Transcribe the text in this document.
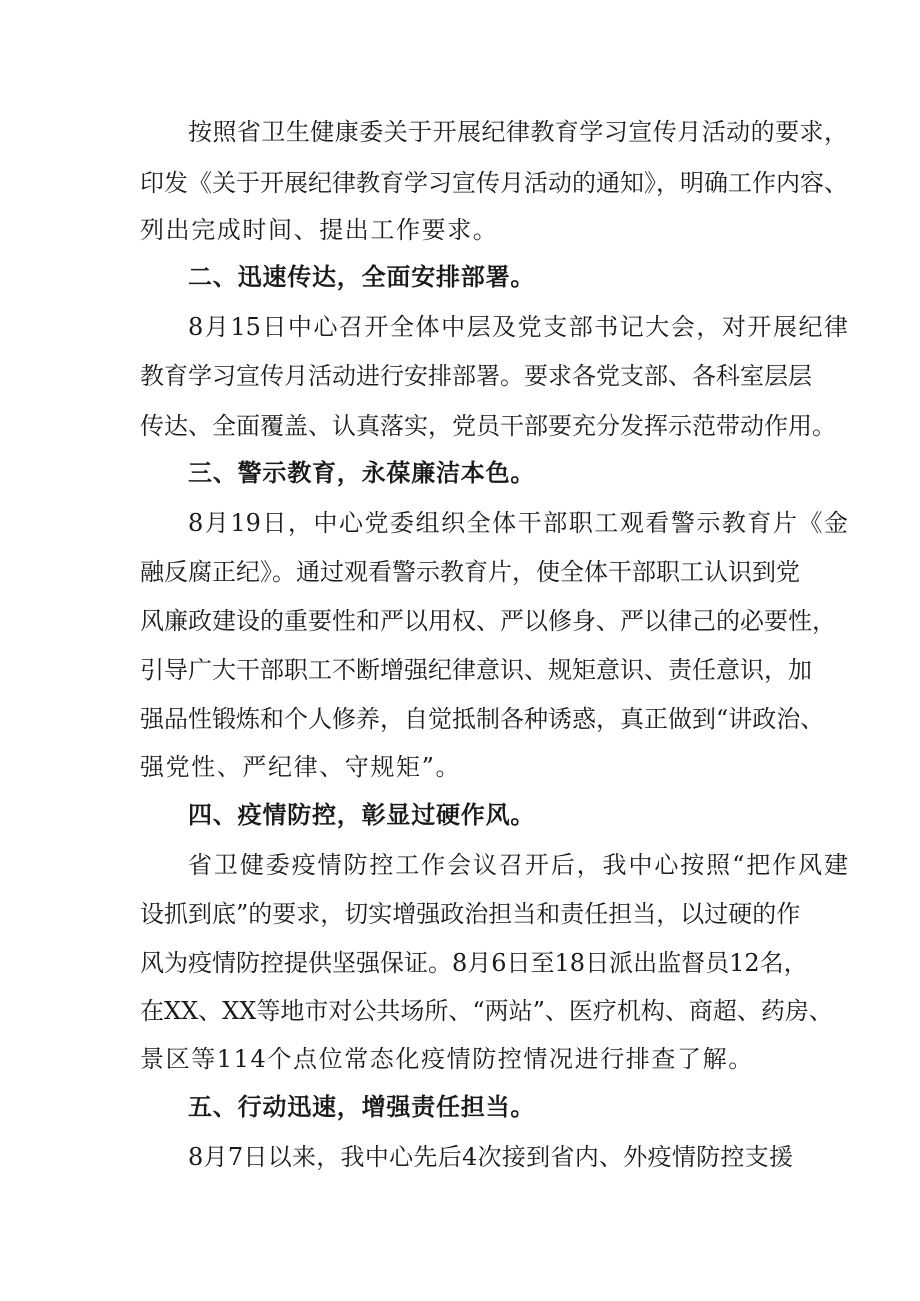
按照省卫生健康委关于开展纪律教育学习宣传月活动的要求，
印发《关于开展纪律教育学习宣传月活动的通知》，明确工作内容、
列出完成时间、提出工作要求。
二、迅速传达，全面安排部署。
8月15日中心召开全体中层及党支部书记大会，对开展纪律
教育学习宣传月活动进行安排部署。要求各党支部、各科室层层
传达、全面覆盖、认真落实，党员干部要充分发挥示范带动作用。
三、警示教育，永葆廉洁本色。
8月19日，中心党委组织全体干部职工观看警示教育片《金
融反腐正纪》。通过观看警示教育片，使全体干部职工认识到党
风廉政建设的重要性和严以用权、严以修身、严以律己的必要性，
引导广大干部职工不断增强纪律意识、规矩意识、责任意识，加
强品性锻炼和个人修养，自觉抵制各种诱惑，真正做到“讲政治、
强党性、严纪律、守规矩”。
四、疫情防控，彰显过硬作风。
省卫健委疫情防控工作会议召开后，我中心按照“把作风建
设抓到底”的要求，切实增强政治担当和责任担当，以过硬的作
风为疫情防控提供坚强保证。8月6日至18日派出监督员12名，
在XX、XX等地市对公共场所、“两站”、医疗机构、商超、药房、
景区等114个点位常态化疫情防控情况进行排查了解。
五、行动迅速，增强责任担当。
8月7日以来，我中心先后4次接到省内、外疫情防控支援
